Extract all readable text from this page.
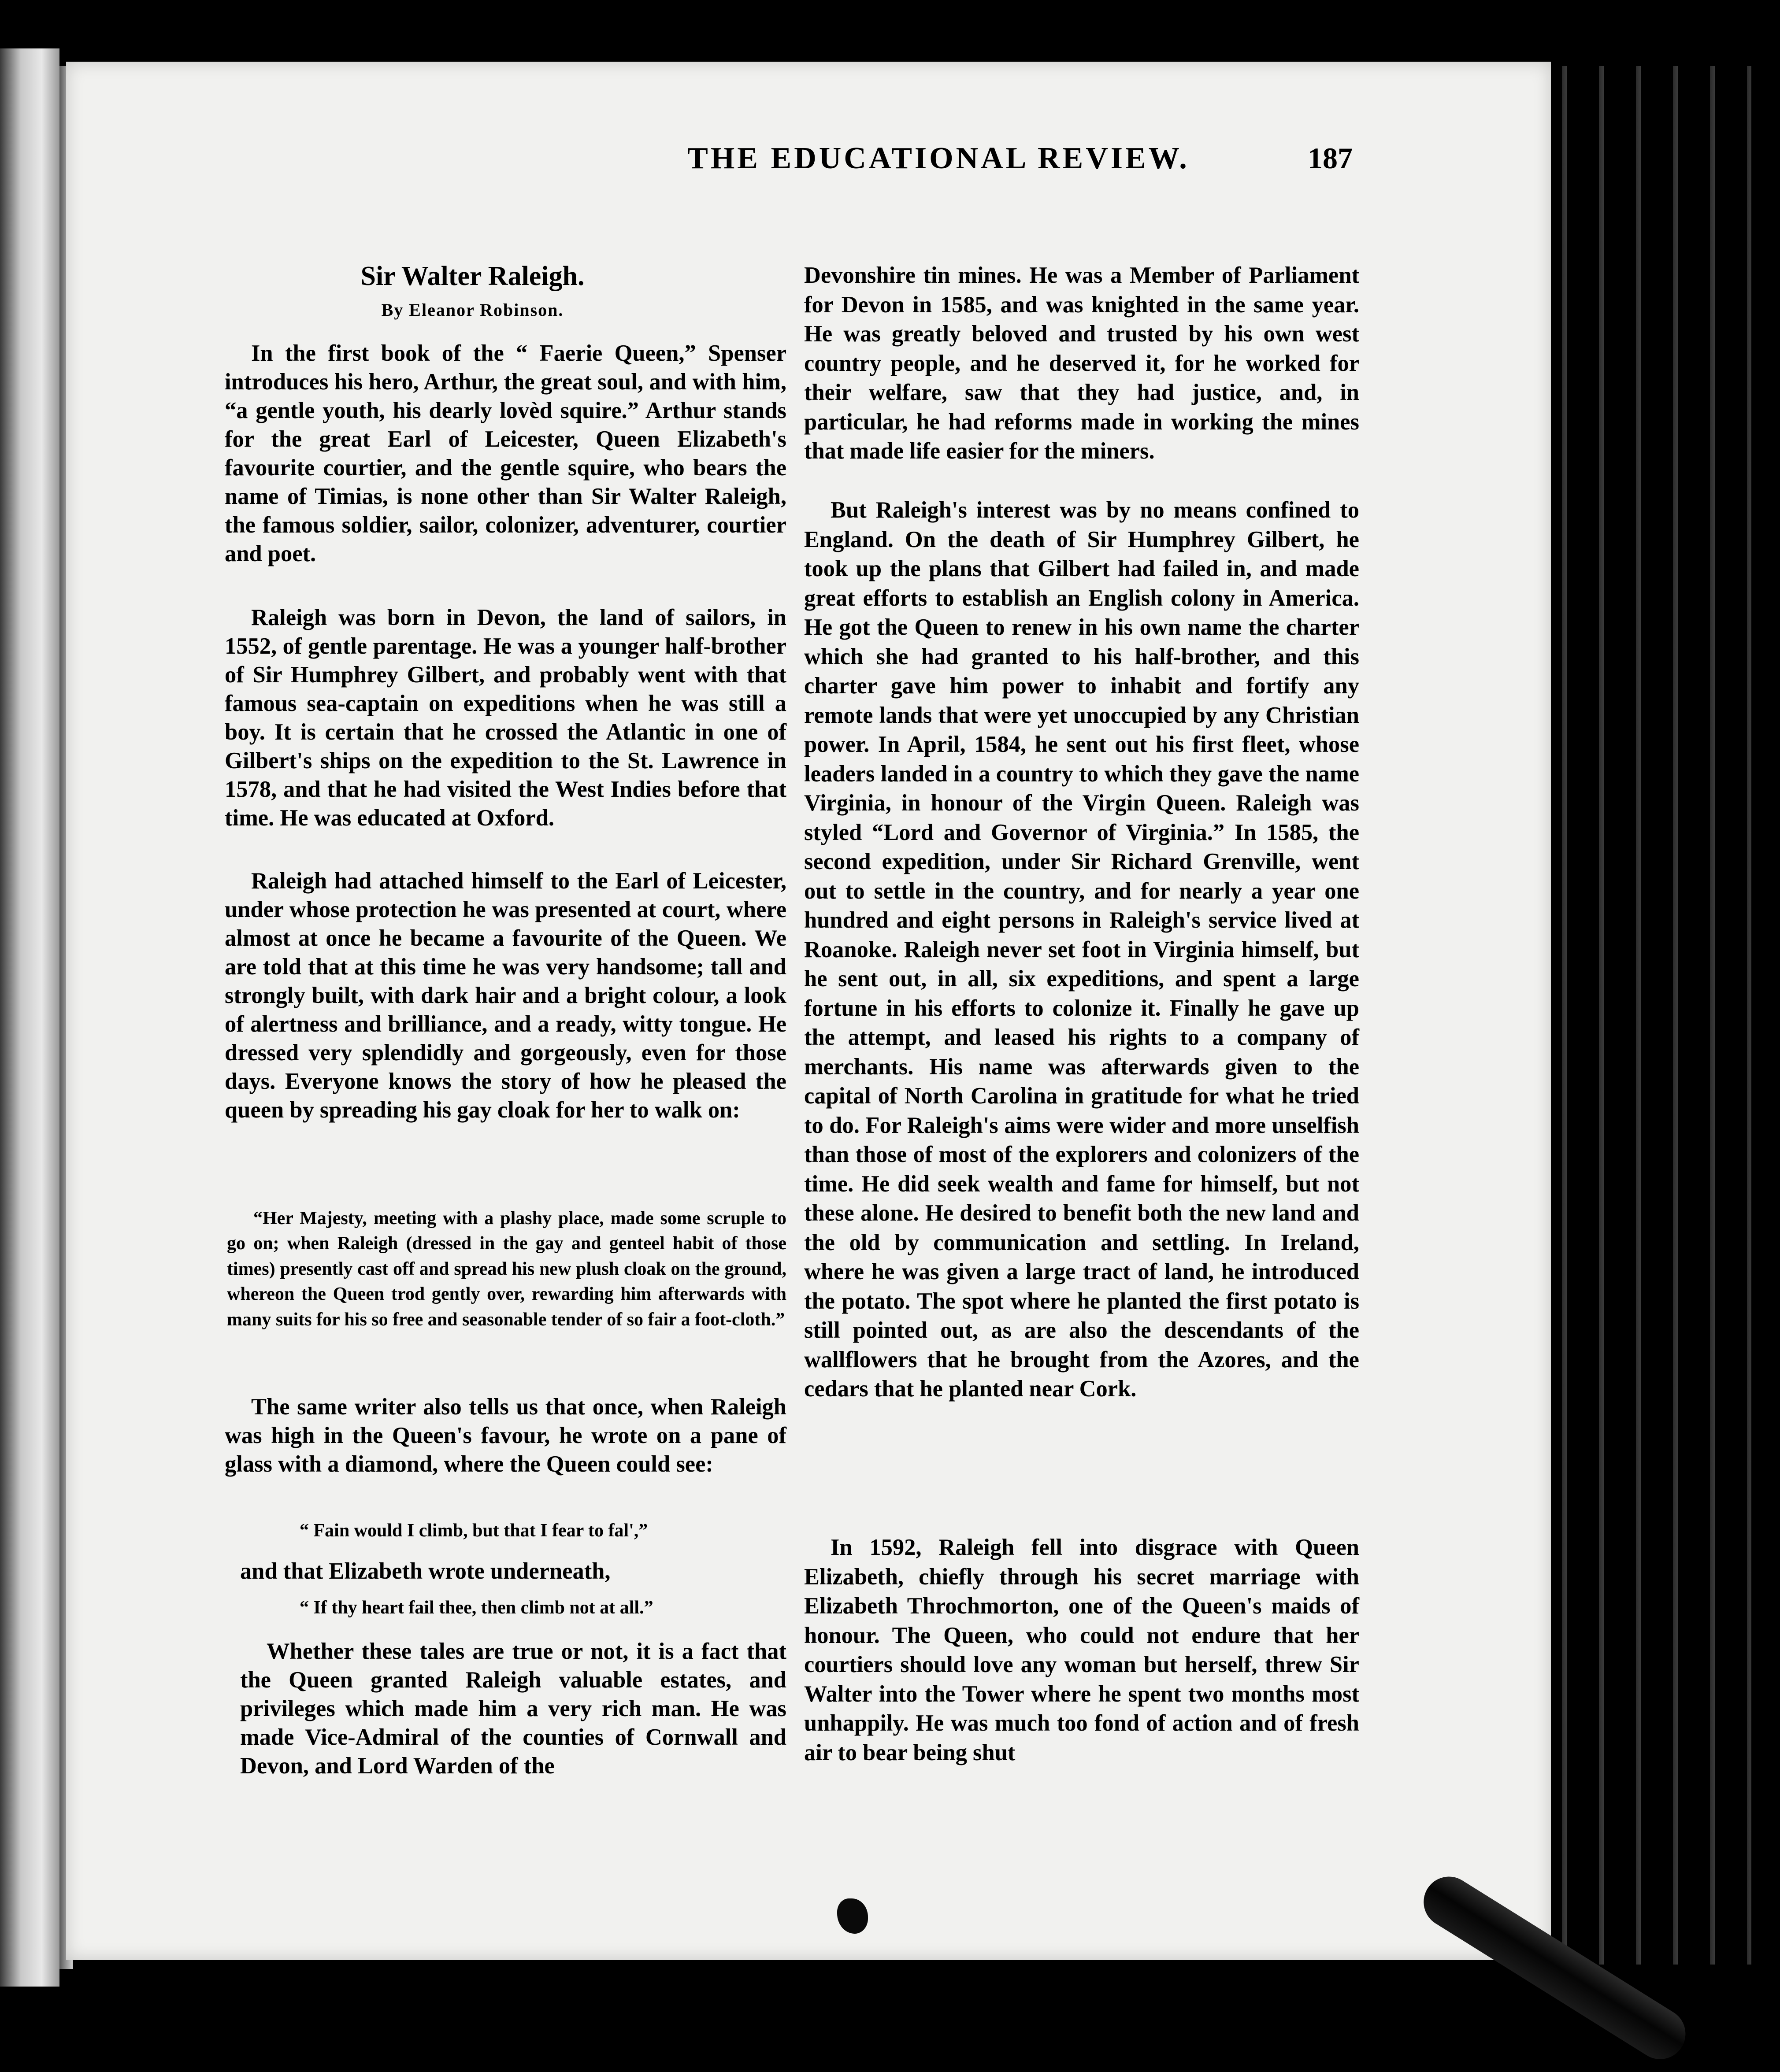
THE EDUCATIONAL REVIEW.	187
Sir Walter Raleigh.
By Eleanor Robinson.

In the first book of the “ Faerie Queen,” Spenser introduces his hero, Arthur, the great soul, and with him, “a gentle youth, his dearly lovèd squire.” Arthur stands for the great Earl of Leicester, Queen Elizabeth's favourite courtier, and the gentle squire, who bears the name of Timias, is none other than Sir Walter Raleigh, the famous soldier, sailor, colonizer, adventurer, courtier and poet.

Raleigh was born in Devon, the land of sailors, in 1552, of gentle parentage. He was a younger half-brother of Sir Humphrey Gilbert, and probably went with that famous sea-captain on expeditions when he was still a boy. It is certain that he crossed the Atlantic in one of Gilbert's ships on the expedition to the St. Lawrence in 1578, and that he had visited the West Indies before that time. He was educated at Oxford.

Raleigh had attached himself to the Earl of Leicester, under whose protection he was presented at court, where almost at once he became a favourite of the Queen. We are told that at this time he was very handsome; tall and strongly built, with dark hair and a bright colour, a look of alertness and brilliance, and a ready, witty tongue. He dressed very splendidly and gorgeously, even for those days. Everyone knows the story of how he pleased the queen by spreading his gay cloak for her to walk on:

“Her Majesty, meeting with a plashy place, made some scruple to go on; when Raleigh (dressed in the gay and genteel habit of those times) presently cast off and spread his new plush cloak on the ground, whereon the Queen trod gently over, rewarding him afterwards with many suits for his so free and seasonable tender of so fair a foot-cloth.”

The same writer also tells us that once, when Raleigh was high in the Queen's favour, he wrote on a pane of glass with a diamond, where the Queen could see:

“ Fain would I climb, but that I fear to fal',”

and that Elizabeth wrote underneath,

“ If thy heart fail thee, then climb not at all.”

Whether these tales are true or not, it is a fact that the Queen granted Raleigh valuable estates, and privileges which made him a very rich man. He was made Vice-Admiral of the counties of Cornwall and Devon, and Lord Warden of the

Devonshire tin mines. He was a Member of Parliament for Devon in 1585, and was knighted in the same year. He was greatly beloved and trusted by his own west country people, and he deserved it, for he worked for their welfare, saw that they had justice, and, in particular, he had reforms made in working the mines that made life easier for the miners.

But Raleigh's interest was by no means confined to England. On the death of Sir Humphrey Gilbert, he took up the plans that Gilbert had failed in, and made great efforts to establish an English colony in America. He got the Queen to renew in his own name the charter which she had granted to his half-brother, and this charter gave him power to inhabit and fortify any remote lands that were yet unoccupied by any Christian power. In April, 1584, he sent out his first fleet, whose leaders landed in a country to which they gave the name Virginia, in honour of the Virgin Queen. Raleigh was styled “Lord and Governor of Virginia.” In 1585, the second expedition, under Sir Richard Grenville, went out to settle in the country, and for nearly a year one hundred and eight persons in Raleigh's service lived at Roanoke. Raleigh never set foot in Virginia himself, but he sent out, in all, six expeditions, and spent a large fortune in his efforts to colonize it. Finally he gave up the attempt, and leased his rights to a company of merchants. His name was afterwards given to the capital of North Carolina in gratitude for what he tried to do. For Raleigh's aims were wider and more unselfish than those of most of the explorers and colonizers of the time. He did seek wealth and fame for himself, but not these alone. He desired to benefit both the new land and the old by communication and settling. In Ireland, where he was given a large tract of land, he introduced the potato. The spot where he planted the first potato is still pointed out, as are also the descendants of the wallflowers that he brought from the Azores, and the cedars that he planted near Cork.

In 1592, Raleigh fell into disgrace with Queen Elizabeth, chiefly through his secret marriage with Elizabeth Throchmorton, one of the Queen's maids of honour. The Queen, who could not endure that her courtiers should love any woman but herself, threw Sir Walter into the Tower where he spent two months most unhappily. He was much too fond of action and of fresh air to bear being shut
